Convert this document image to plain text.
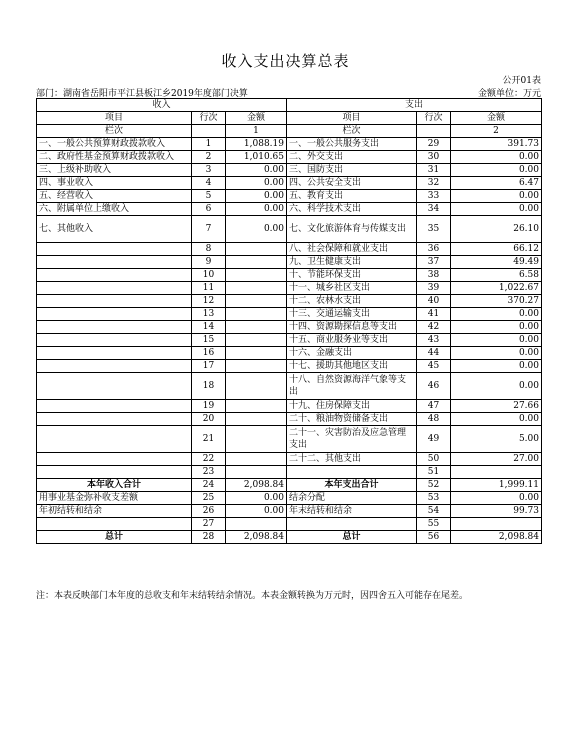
收入支出决算总表
公开01表
部门：湖南省岳阳市平江县板江乡2019年度部门决算	金额单位：万元
收入			支出		
项目	行次	金额	项目	行次	金额
栏次		1	栏次		2
一、一般公共预算财政拨款收入	1	1,088.19	一、一般公共服务支出	29	391.73
二、政府性基金预算财政拨款收入	2	1,010.65	二、外交支出	30	0.00
三、上级补助收入	3	0.00	三、国防支出	31	0.00
四、事业收入	4	0.00	四、公共安全支出	32	6.47
五、经营收入	5	0.00	五、教育支出	33	0.00
六、附属单位上缴收入	6	0.00	六、科学技术支出	34	0.00
七、其他收入	7	0.00	七、文化旅游体育与传媒支出	35	26.10
	8		八、社会保障和就业支出	36	66.12
	9		九、卫生健康支出	37	49.49
	10		十、节能环保支出	38	6.58
	11		十一、城乡社区支出	39	1,022.67
	12		十二、农林水支出	40	370.27
	13		十三、交通运输支出	41	0.00
	14		十四、资源勘探信息等支出	42	0.00
	15		十五、商业服务业等支出	43	0.00
	16		十六、金融支出	44	0.00
	17		十七、援助其他地区支出	45	0.00
	18		十八、自然资源海洋气象等支出	46	0.00
	19		十九、住房保障支出	47	27.66
	20		二十、粮油物资储备支出	48	0.00
	21		二十一、灾害防治及应急管理支出	49	5.00
	22		二十二、其他支出	50	27.00
	23			51	
本年收入合计	24	2,098.84	本年支出合计	52	1,999.11
用事业基金弥补收支差额	25	0.00	结余分配	53	0.00
年初结转和结余	26	0.00	年末结转和结余	54	99.73
	27			55	
总计	28	2,098.84	总计	56	2,098.84
注：本表反映部门本年度的总收支和年末结转结余情况。本表金额转换为万元时，因四舍五入可能存在尾差。
